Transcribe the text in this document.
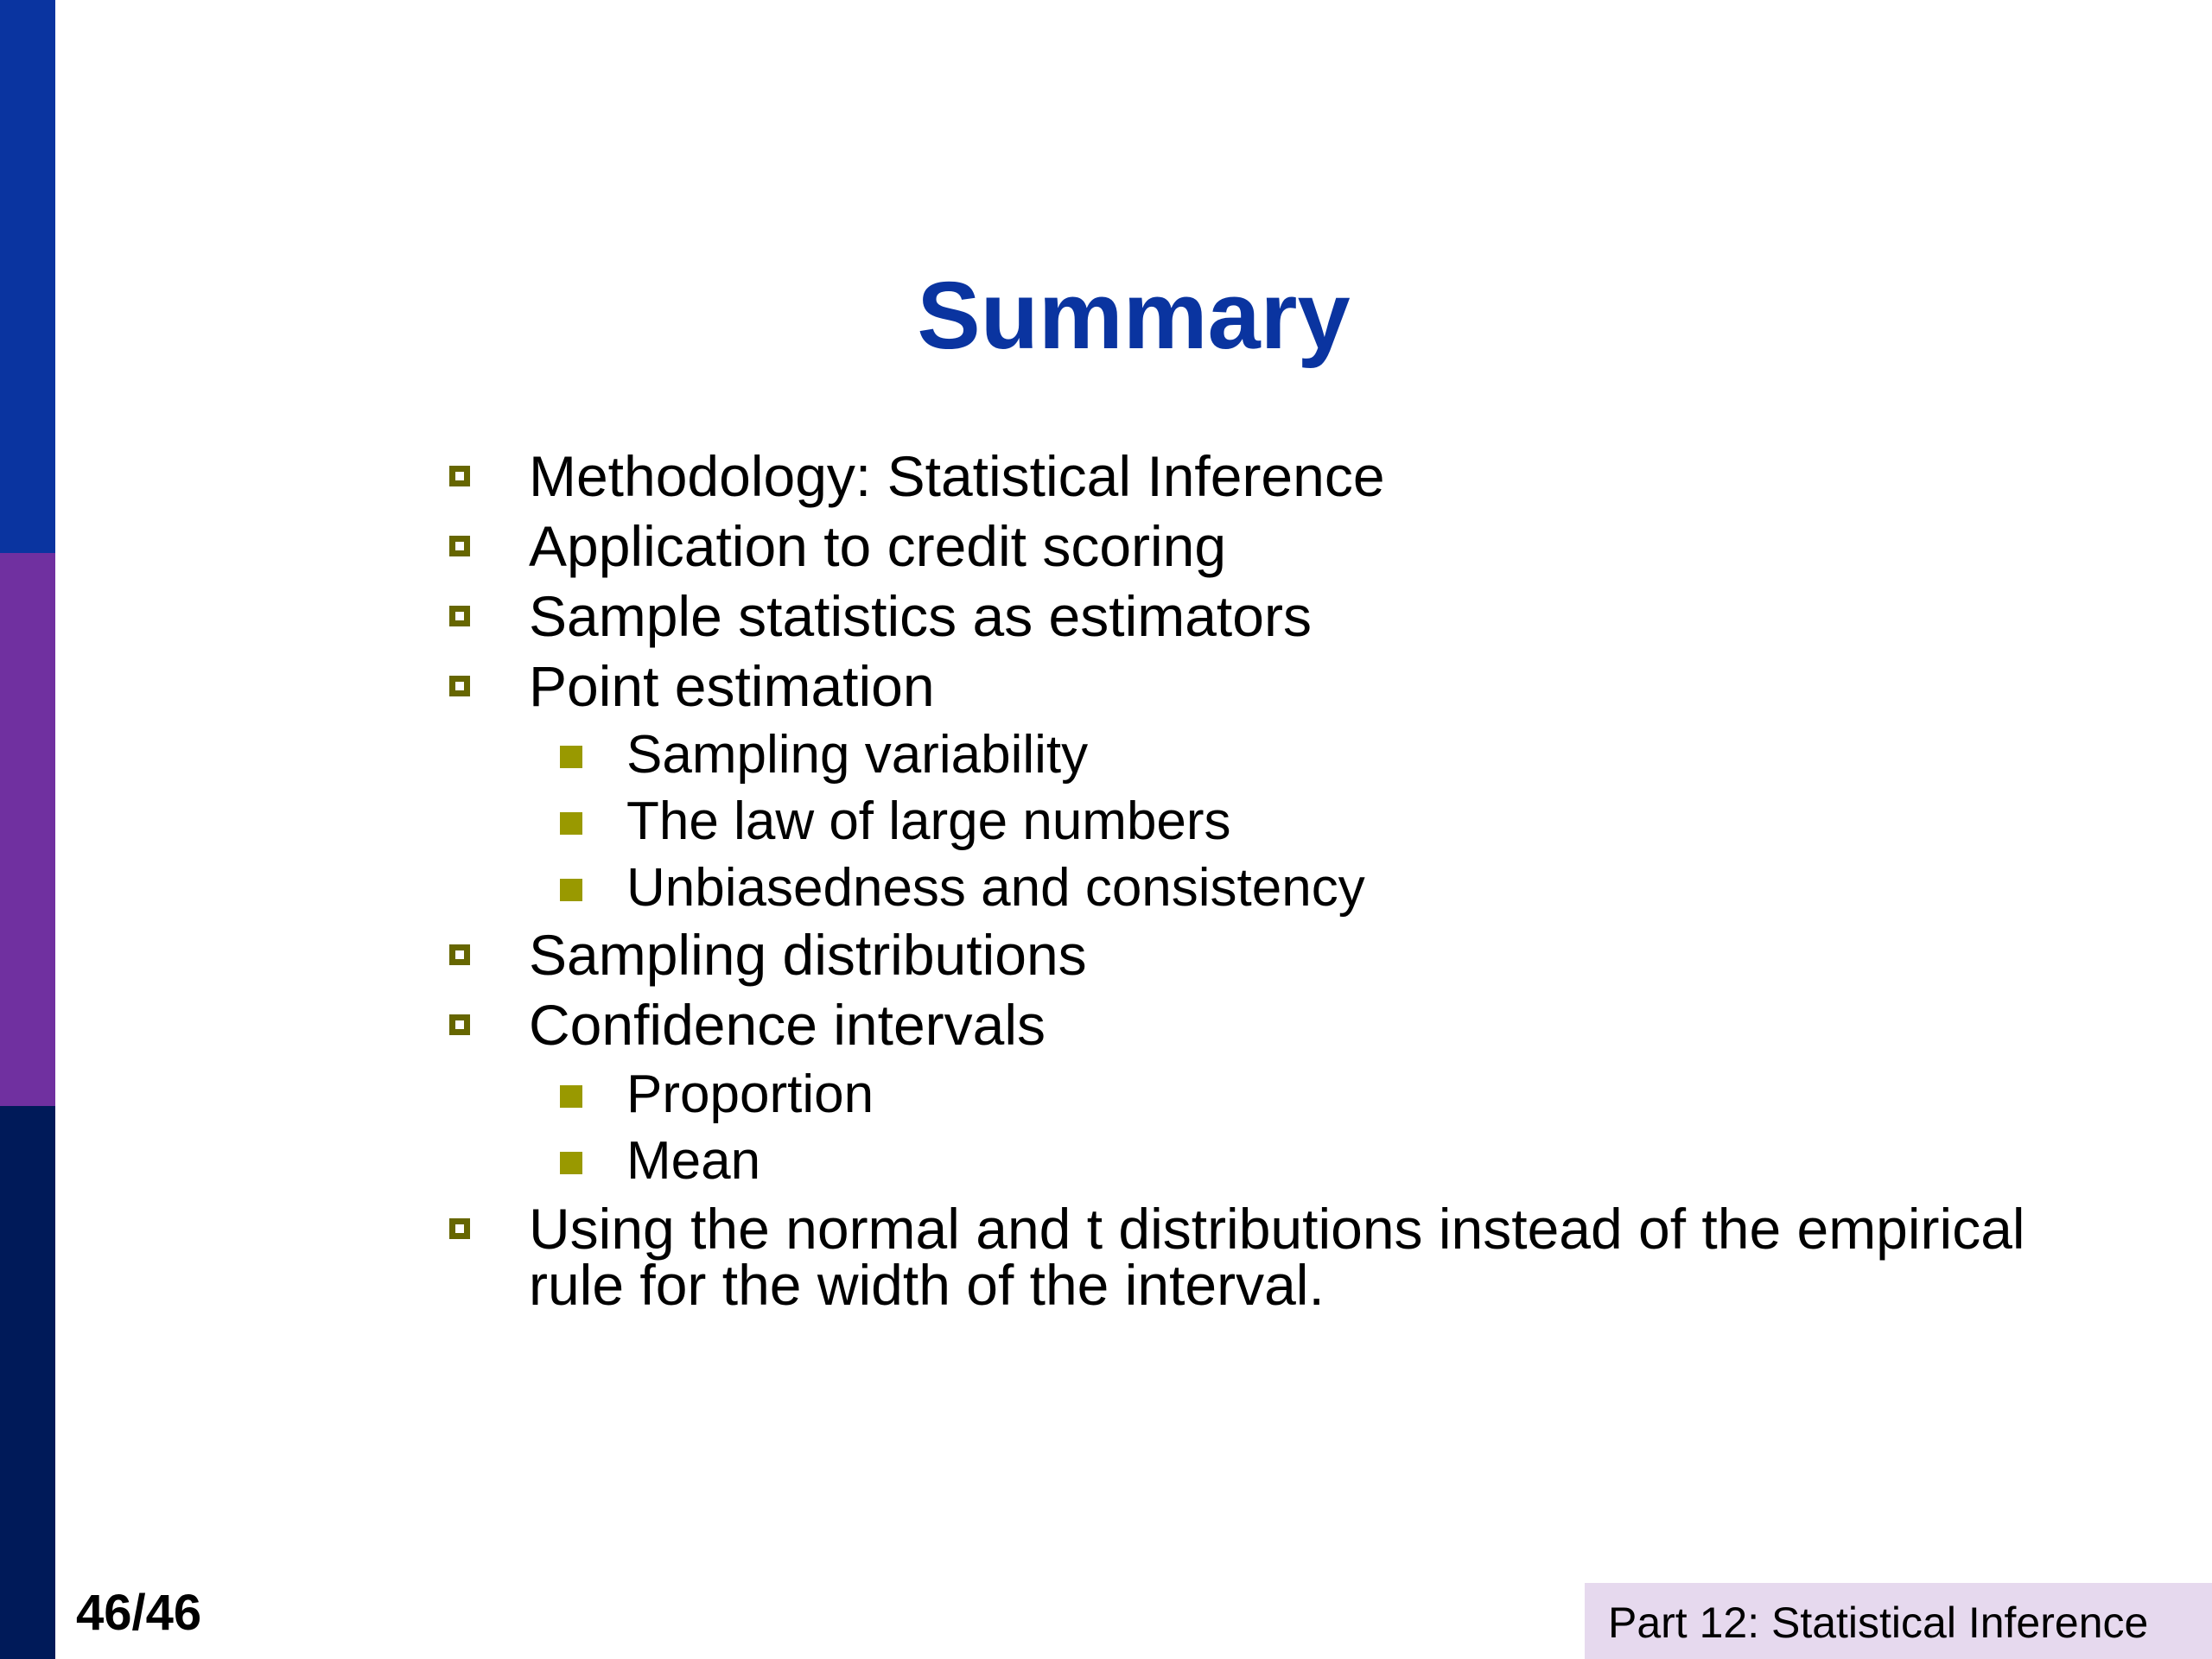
Summary
Methodology: Statistical Inference
Application to credit scoring
Sample statistics as estimators
Point estimation
Sampling variability
The law of large numbers
Unbiasedness and consistency
Sampling distributions
Confidence intervals
Proportion
Mean
Using the normal and t distributions instead of the empirical
rule for the width of the interval.
46/46	Part 12: Statistical Inference
